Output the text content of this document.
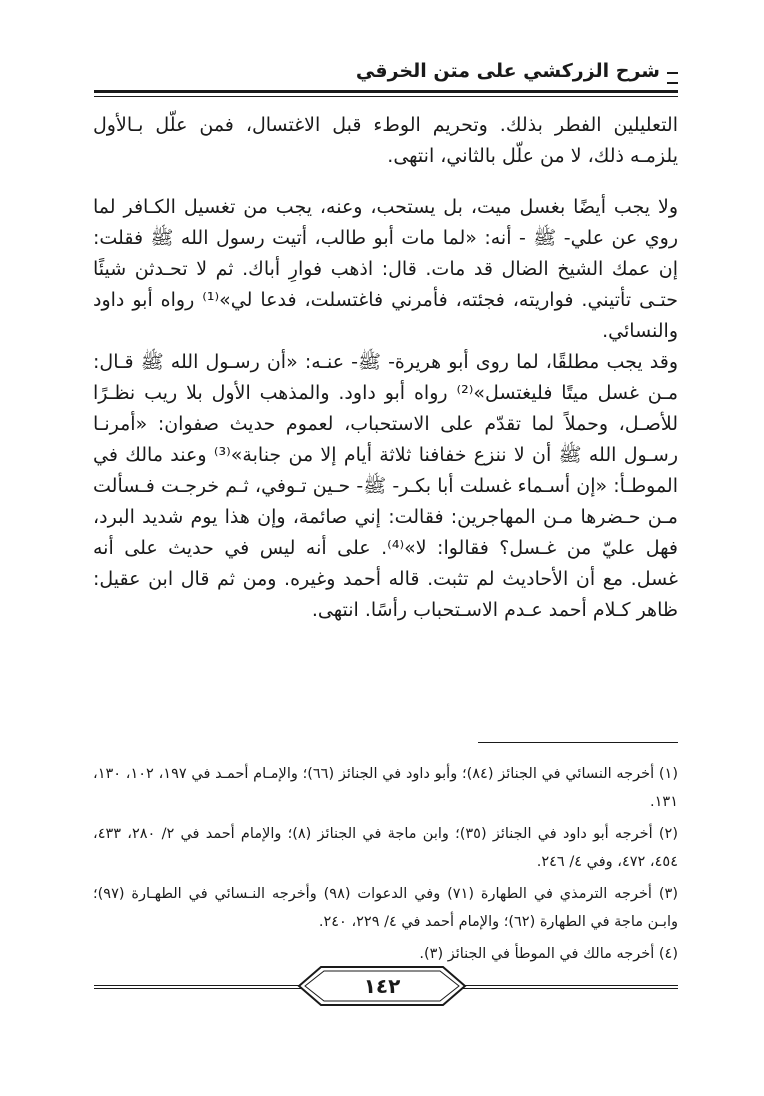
شرح الزركشي على متن الخرقي

التعليلين الفطر بذلك. وتحريم الوطء قبل الاغتسال، فمن علّل بـالأول يلزمـه ذلك، لا من علّل بالثاني، انتهى.

ولا يجب أيضًا بغسل ميت، بل يستحب، وعنه، يجب من تغسيل الكـافر لما روي عن علي- ﷺ - أنه: «لما مات أبو طالب، أتيت رسول الله ﷺ فقلت: إن عمك الشيخ الضال قد مات. قال: اذهب فوارِ أباك. ثم لا تحـدثن شيئًا حتـى تأتيني. فواريته، فجئته، فأمرني فاغتسلت، فدعا لي»⁽¹⁾ رواه أبو داود والنسائي.

وقد يجب مطلقًا، لما روى أبو هريرة- ﷺ- عنـه: «أن رسـول الله ﷺ قـال: مـن غسل ميتًا فليغتسل»⁽²⁾ رواه أبو داود. والمذهب الأول بلا ريب نظـرًا للأصـل، وحملاً لما تقدّم على الاستحباب، لعموم حديث صفوان: «أمرنـا رسـول الله ﷺ أن لا ننزع خفافنا ثلاثة أيام إلا من جنابة»⁽³⁾ وعند مالك في الموطـأ: «إن أسـماء غسلت أبا بكـر- ﷺ- حـين تـوفي، ثـم خرجـت فـسألت مـن حـضرها مـن المهاجرين: فقالت: إني صائمة، وإن هذا يوم شديد البرد، فهل عليّ من غـسل؟ فقالوا: لا»⁽⁴⁾. على أنه ليس في حديث على أنه غسل. مع أن الأحاديث لم تثبت. قاله أحمد وغيره. ومن ثم قال ابن عقيل: ظاهر كـلام أحمد عـدم الاسـتحباب رأسًا. انتهى.

(١) أخرجه النسائي في الجنائز (٨٤)؛ وأبو داود في الجنائز (٦٦)؛ والإمـام أحمـد في ١٩٧، ١٠٢، ١٣٠، ١٣١.

(٢) أخرجه أبو داود في الجنائز (٣٥)؛ وابن ماجة في الجنائز (٨)؛ والإمام أحمد في ٢/ ٢٨٠، ٤٣٣، ٤٥٤، ٤٧٢، وفي ٤/ ٢٤٦.

(٣) أخرجه الترمذي في الطهارة (٧١) وفي الدعوات (٩٨) وأخرجه النـسائي في الطهـارة (٩٧)؛ وابـن ماجة في الطهارة (٦٢)؛ والإمام أحمد في ٤/ ٢٢٩، ٢٤٠.

(٤) أخرجه مالك في الموطأ في الجنائز (٣).

١٤٢
